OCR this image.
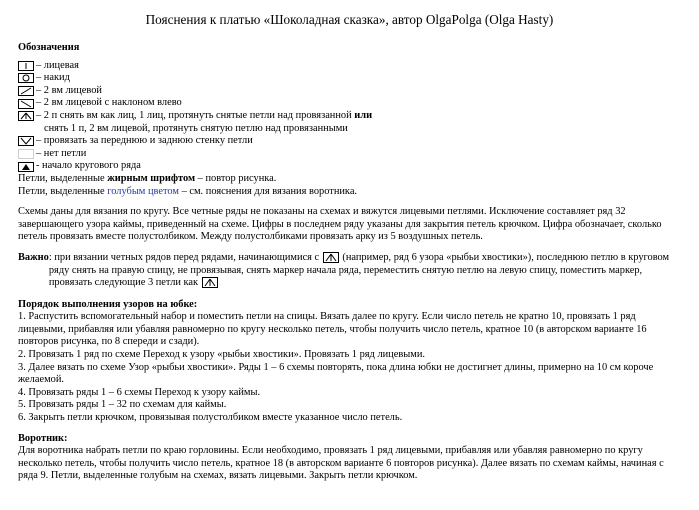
Пояснения к платью «Шоколадная сказка», автор OlgaPolga (Olga Hasty)

Обозначения

– лицевая
– накид
– 2 вм лицевой
– 2 вм лицевой с наклоном влево
– 2 п снять вм как лиц, 1 лиц, протянуть снятые петли над провязанной или
снять 1 п, 2 вм лицевой, протянуть снятую петлю над провязанными
– провязать за переднюю и заднюю стенку петли
– нет петли
- начало кругового ряда

Петли, выделенные жирным шрифтом – повтор рисунка.

Петли, выделенные голубым цветом – см. пояснения для вязания воротника.

Схемы даны для вязания по кругу. Все четные ряды не показаны на схемах и вяжутся лицевыми петлями. Исключение составляет ряд 32 завершающего узора каймы, приведенный на схеме. Цифры в последнем ряду указаны для закрытия петель крючком. Цифра обозначает, сколько петель провязать вместе полустолбиком. Между полустолбиками провязать арку из 5 воздушных петель.

Важно : при вязании четных рядов перед рядами, начинающимися с
(например, ряд 6 узора «рыбьи хвостики»), последнюю петлю в круговом ряду снять на правую спицу, не провязывая, снять маркер начала ряда, переместить снятую петлю на левую спицу, поместить маркер, провязать следующие 3 петли как

Порядок выполнения узоров на юбке:

1. Распустить вспомогательный набор и поместить петли на спицы. Вязать далее по кругу. Если число петель не кратно 10, провязать 1 ряд лицевыми, прибавляя или убавляя равномерно по кругу несколько петель, чтобы получить число петель, кратное 10 (в авторском варианте 16 повторов рисунка, по 8 спереди и сзади).

2. Провязать 1 ряд по схеме Переход к узору «рыбьи хвостики». Провязать 1 ряд лицевыми.

3. Далее вязать по схеме Узор «рыбьи хвостики». Ряды 1 – 6 схемы повторять, пока длина юбки не достигнет длины, примерно на 10 см короче желаемой.

4. Провязать ряды 1 – 6 схемы Переход к узору каймы.

5. Провязать ряды 1 – 32 по схемам для каймы.

6. Закрыть петли крючком, провязывая полустолбиком вместе указанное число петель.

Воротник:

Для воротника набрать петли по краю горловины. Если необходимо, провязать 1 ряд лицевыми, прибавляя или убавляя равномерно по кругу несколько петель, чтобы получить число петель, кратное 18 (в авторском варианте 6 повторов рисунка). Далее вязать по схемам каймы, начиная с ряда 9. Петли, выделенные голубым на схемах, вязать лицевыми. Закрыть петли крючком.
